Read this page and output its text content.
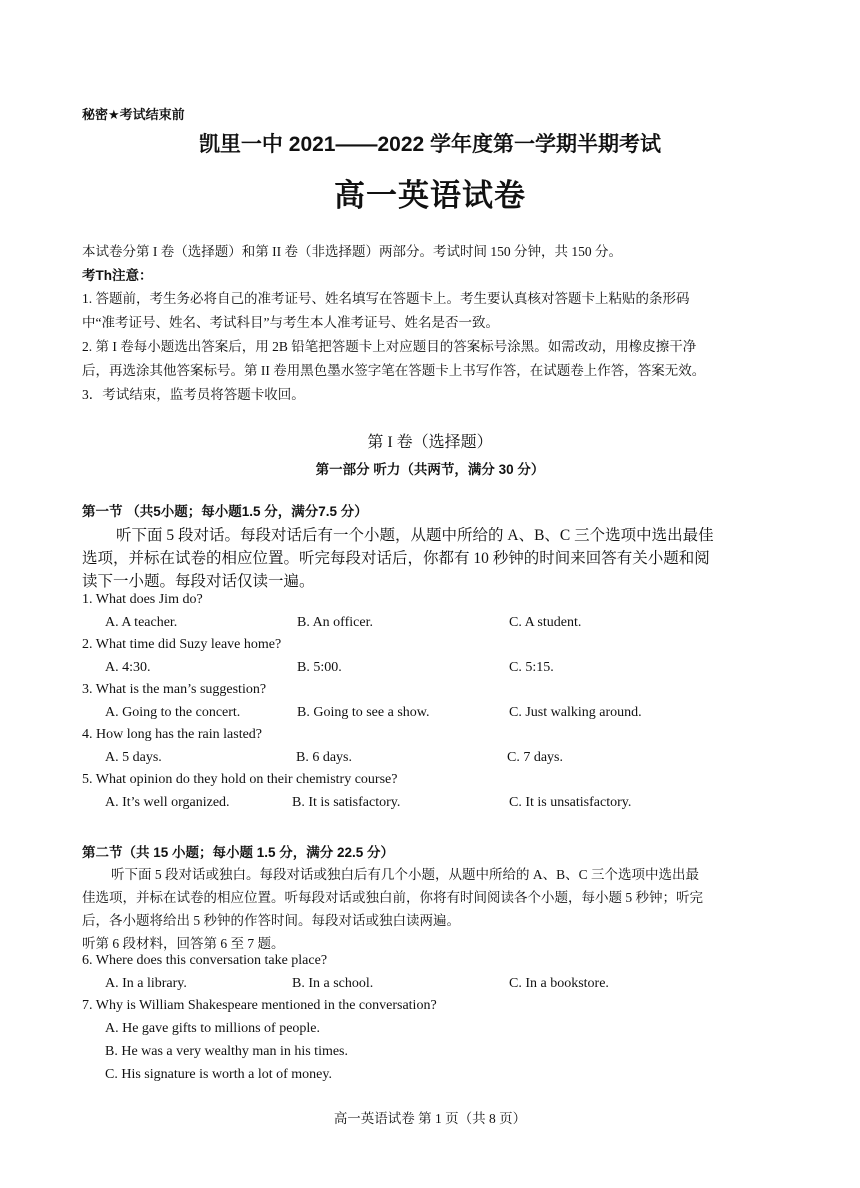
秘密★考试结束前
凯里一中 2021——2022 学年度第一学期半期考试
高一英语试卷
本试卷分第 I 卷（选择题）和第 II 卷（非选择题）两部分。考试时间 150 分钟，共 150 分。
考Th注意：
1. 答题前，考生务必将自己的准考证号、姓名填写在答题卡上。考生要认真核对答题卡上粘贴的条形码
中“准考证号、姓名、考试科目”与考生本人准考证号、姓名是否一致。
2. 第 I 卷每小题选出答案后，用 2B 铅笔把答题卡上对应题目的答案标号涂黑。如需改动，用橡皮擦干净
后，再选涂其他答案标号。第 II 卷用黑色墨水签字笔在答题卡上书写作答，在试题卷上作答，答案无效。
3．考试结束，监考员将答题卡收回。
第 I 卷（选择题）
第一部分 听力（共两节，满分 30 分）
第一节 （共5小题；每小题1.5 分，满分7.5 分）
听下面 5 段对话。每段对话后有一个小题，从题中所给的 A、B、C 三个选项中选出最佳
选项，并标在试卷的相应位置。听完每段对话后，你都有 10 秒钟的时间来回答有关小题和阅
读下一小题。每段对话仅读一遍。
1. What does Jim do?
A. A teacher.	B. An officer.	C. A student.
2. What time did Suzy leave home?
A. 4:30.	B. 5:00.	C. 5:15.
3. What is the man’s suggestion?
A. Going to the concert.	B. Going to see a show.	C. Just walking around.
4. How long has the rain lasted?
A. 5 days.	B. 6 days.	C. 7 days.
5. What opinion do they hold on their chemistry course?
A. It’s well organized.	B. It is satisfactory.	C. It is unsatisfactory.
第二节（共 15 小题；每小题 1.5 分，满分 22.5 分）
听下面 5 段对话或独白。每段对话或独白后有几个小题，从题中所给的 A、B、C 三个选项中选出最
佳选项，并标在试卷的相应位置。听每段对话或独白前，你将有时间阅读各个小题，每小题 5 秒钟；听完
后，各小题将给出 5 秒钟的作答时间。每段对话或独白读两遍。
听第 6 段材料，回答第 6 至 7 题。
6. Where does this conversation take place?
A. In a library.	B. In a school.	C. In a bookstore.
7. Why is William Shakespeare mentioned in the conversation?
A. He gave gifts to millions of people.
B. He was a very wealthy man in his times.
C. His signature is worth a lot of money.
高一英语试卷 第 1 页（共 8 页）
